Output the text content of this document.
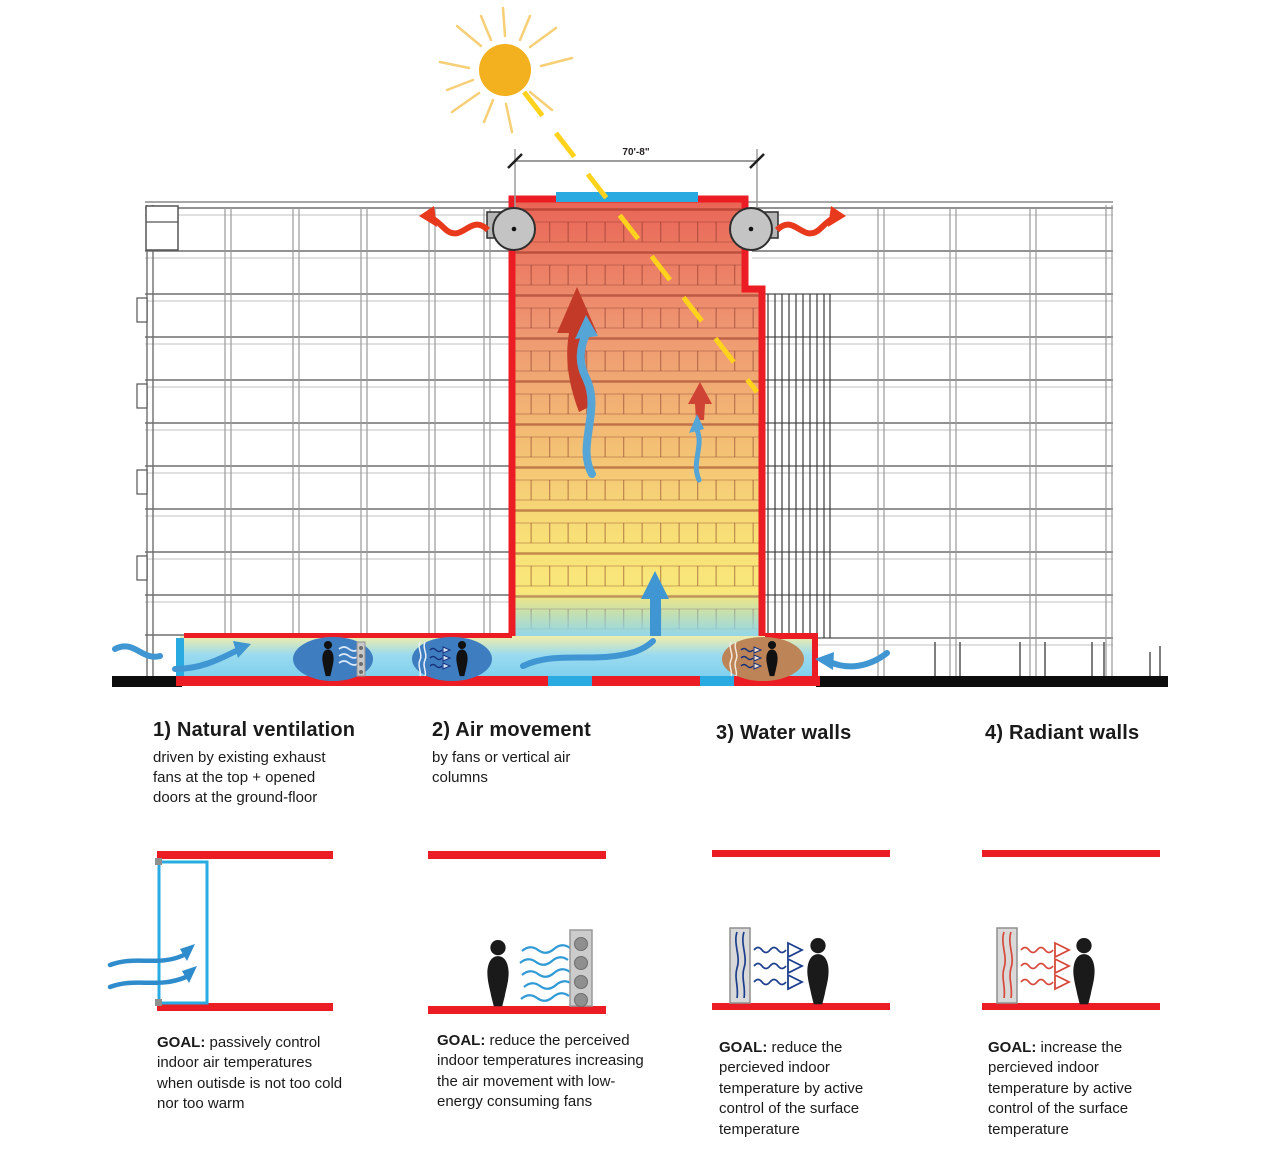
70'-8"
1) Natural ventilation

driven by existing exhaust fans at the top + opened doors at the ground-floor

2) Air movement

by fans or vertical air columns

3) Water walls	4) Radiant walls

GOAL: passively control indoor air temperatures when outisde is not too cold nor too warm

GOAL: reduce the perceived indoor temperatures increasing the air movement with low-energy consuming fans

GOAL: reduce the percieved indoor temperature by active control of the surface temperature

GOAL: increase the percieved indoor temperature by active control of the surface temperature
